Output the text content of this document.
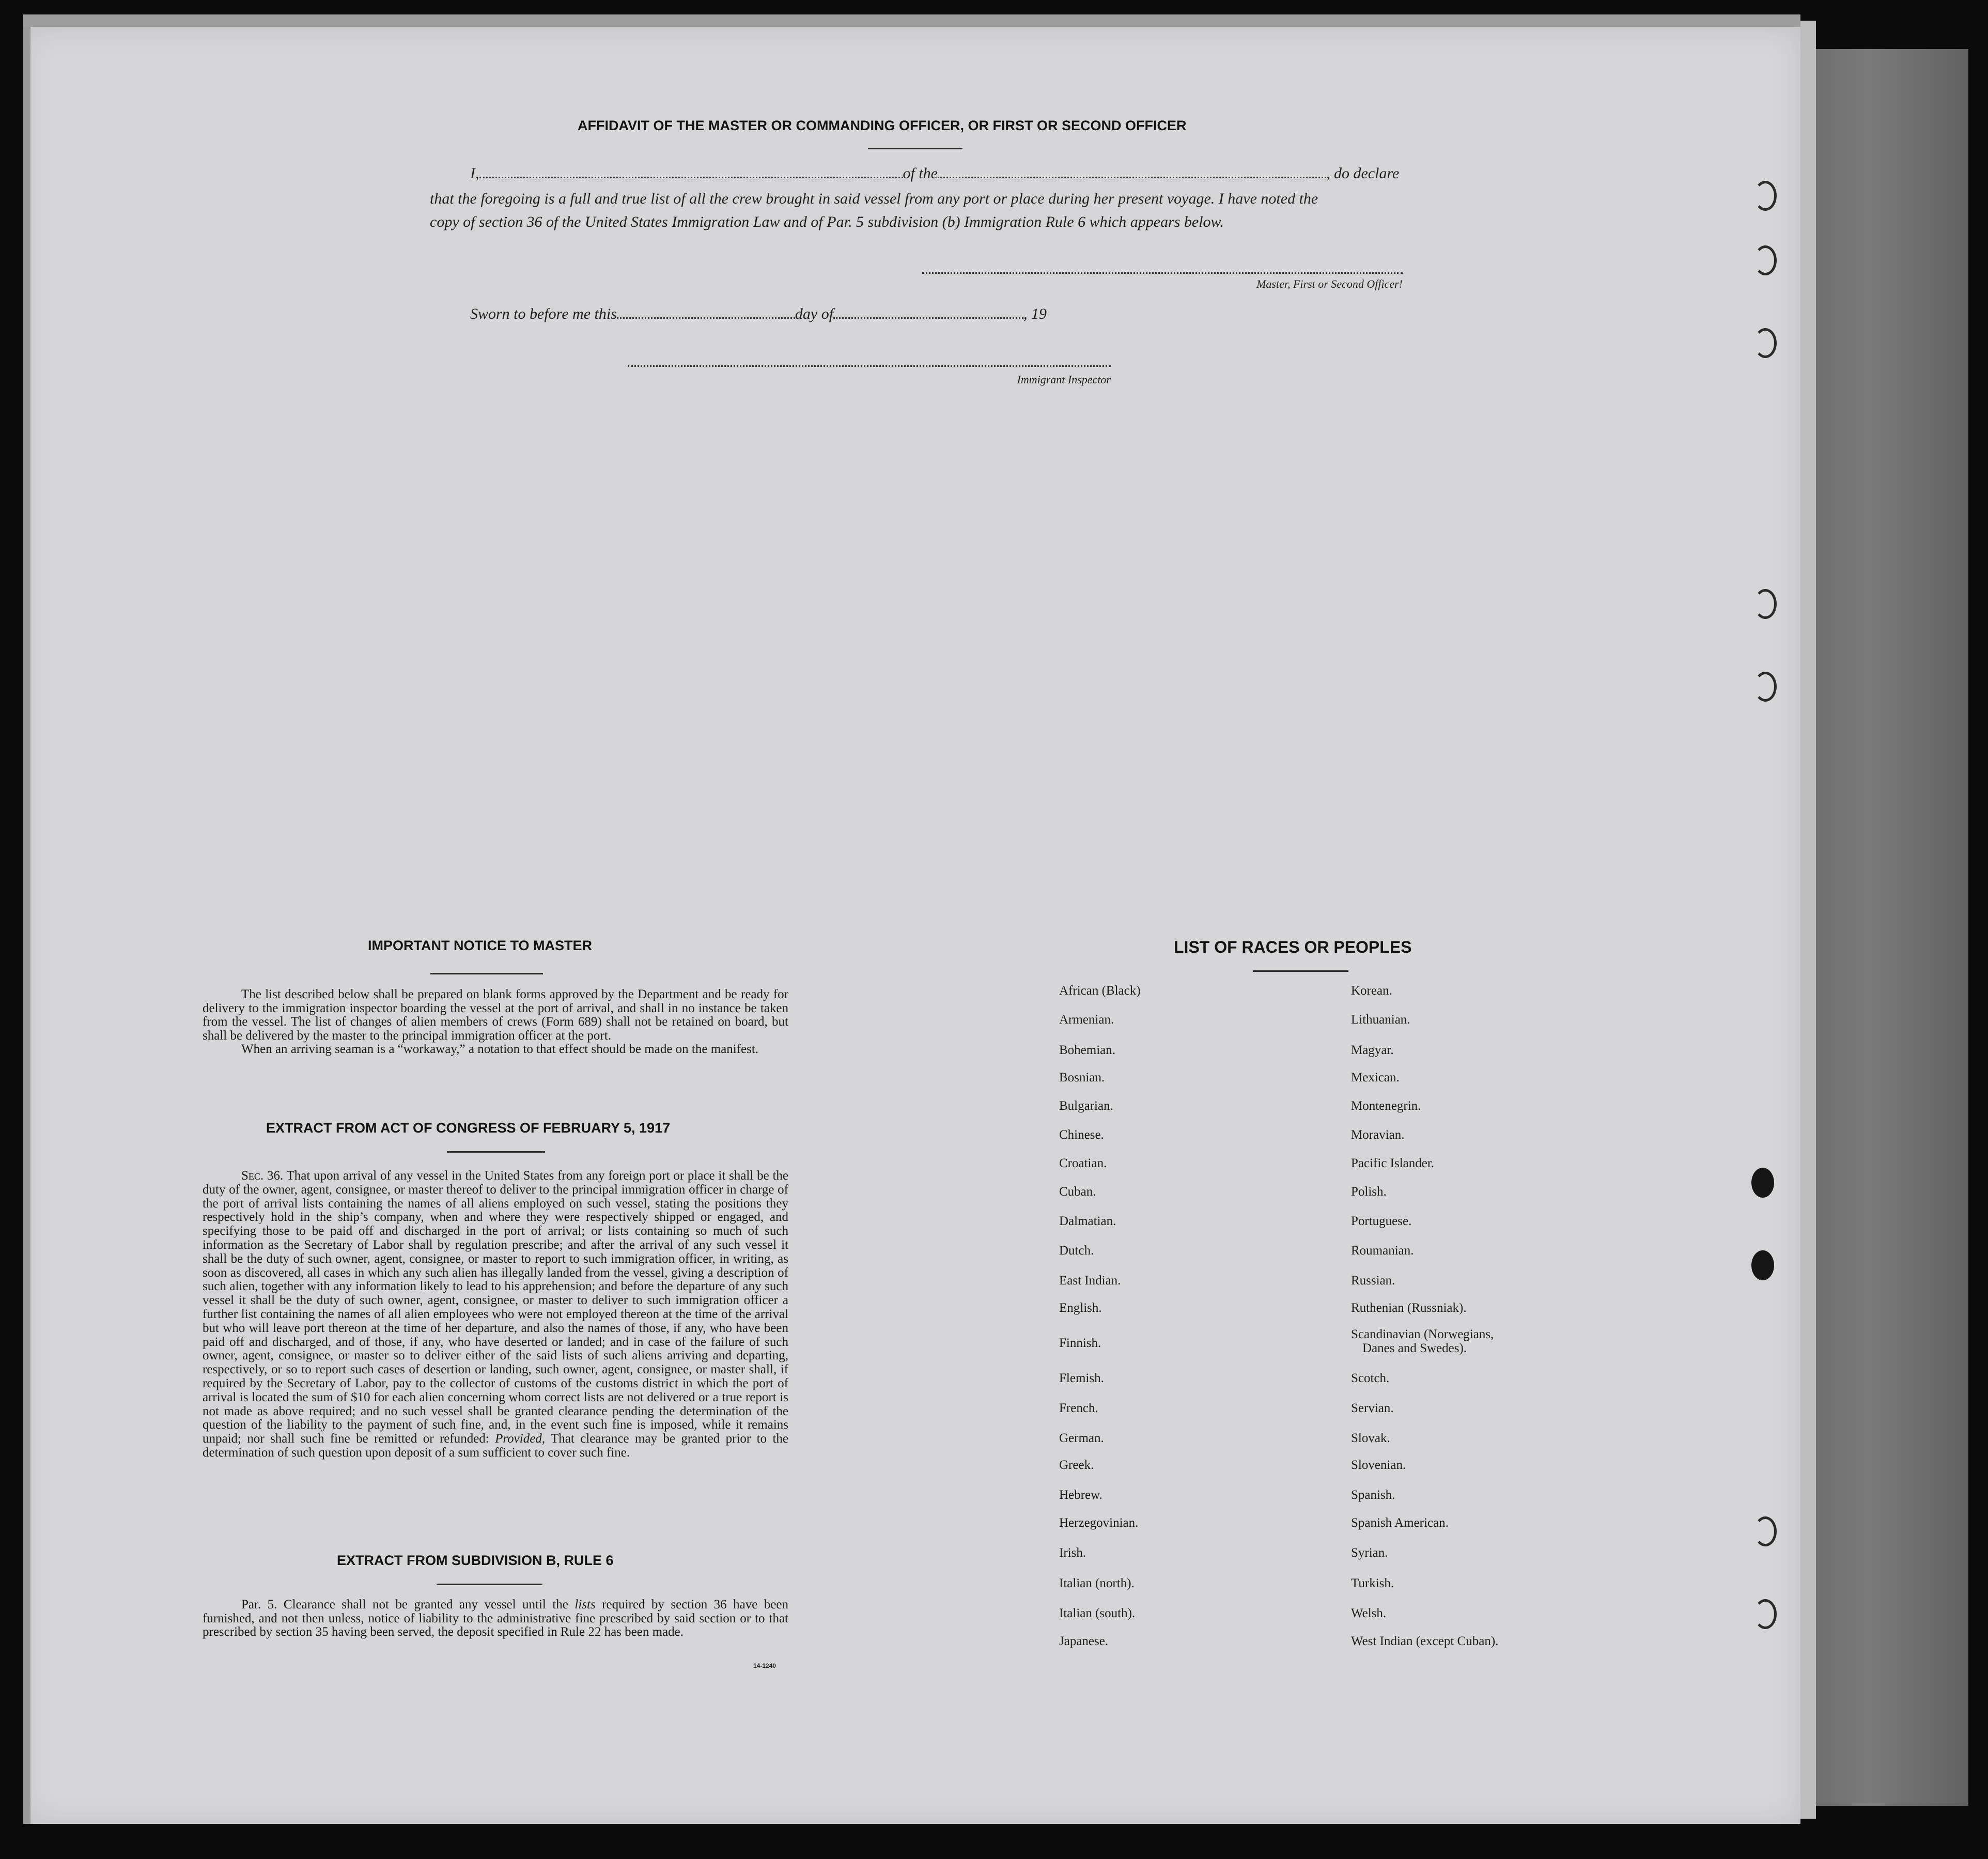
AFFIDAVIT OF THE MASTER OR COMMANDING OFFICER, OR FIRST OR SECOND OFFICER
I,	of the	, do declare
that the foregoing is a full and true list of all the crew brought in said vessel from any port or place during her present voyage. I have noted the
copy of section 36 of the United States Immigration Law and of Par. 5 subdivision (b) Immigration Rule 6 which appears below.
Master, First or Second Officer!
Sworn to before me this	day of	, 19
Immigrant Inspector
IMPORTANT NOTICE TO MASTER

The list described below shall be prepared on blank forms approved by the Department and be ready for delivery to the immigration inspector boarding the vessel at the port of arrival, and shall in no instance be taken from the vessel. The list of changes of alien members of crews (Form 689) shall not be retained on board, but shall be delivered by the master to the principal immigration officer at the port.

When an arriving seaman is a “workaway,” a notation to that effect should be made on the manifest.

EXTRACT FROM ACT OF CONGRESS OF FEBRUARY 5, 1917

Sec. 36. That upon arrival of any vessel in the United States from any foreign port or place it shall be the duty of the owner, agent, consignee, or master thereof to deliver to the principal immigration officer in charge of the port of arrival lists containing the names of all aliens employed on such vessel, stating the positions they respectively hold in the ship’s company, when and where they were respectively shipped or engaged, and specifying those to be paid off and discharged in the port of arrival; or lists containing so much of such information as the Secretary of Labor shall by regulation prescribe; and after the arrival of any such vessel it shall be the duty of such owner, agent, consignee, or master to report to such immigration officer, in writing, as soon as discovered, all cases in which any such alien has illegally landed from the vessel, giving a description of such alien, together with any information likely to lead to his apprehension; and before the departure of any such vessel it shall be the duty of such owner, agent, consignee, or master to deliver to such immigration officer a further list containing the names of all alien employees who were not employed thereon at the time of the arrival but who will leave port thereon at the time of her departure, and also the names of those, if any, who have been paid off and discharged, and of those, if any, who have deserted or landed; and in case of the failure of such owner, agent, consignee, or master so to deliver either of the said lists of such aliens arriving and departing, respectively, or so to report such cases of desertion or landing, such owner, agent, consignee, or master shall, if required by the Secretary of Labor, pay to the collector of customs of the customs district in which the port of arrival is located the sum of $10 for each alien concerning whom correct lists are not delivered or a true report is not made as above required; and no such vessel shall be granted clearance pending the determination of the question of the liability to the payment of such fine, and, in the event such fine is imposed, while it remains unpaid; nor shall such fine be remitted or refunded: Provided, That clearance may be granted prior to the determination of such question upon deposit of a sum sufficient to cover such fine.

EXTRACT FROM SUBDIVISION B, RULE 6

Par. 5. Clearance shall not be granted any vessel until the lists required by section 36 have been furnished, and not then unless, notice of liability to the administrative fine prescribed by said section or to that prescribed by section 35 having been served, the deposit specified in Rule 22 has been made.

14-1240
LIST OF RACES OR PEOPLES
African (Black)
Armenian.
Bohemian.
Bosnian.
Bulgarian.
Chinese.
Croatian.
Cuban.
Dalmatian.
Dutch.
East Indian.
English.
Finnish.
Flemish.
French.
German.
Greek.
Hebrew.
Herzegovinian.
Irish.
Italian (north).
Italian (south).
Japanese.
Korean.
Lithuanian.
Magyar.
Mexican.
Montenegrin.
Moravian.
Pacific Islander.
Polish.
Portuguese.
Roumanian.
Russian.
Ruthenian (Russniak).
Scandinavian (Norwegians,
Danes and Swedes).
Scotch.
Servian.
Slovak.
Slovenian.
Spanish.
Spanish American.
Syrian.
Turkish.
Welsh.
West Indian (except Cuban).
